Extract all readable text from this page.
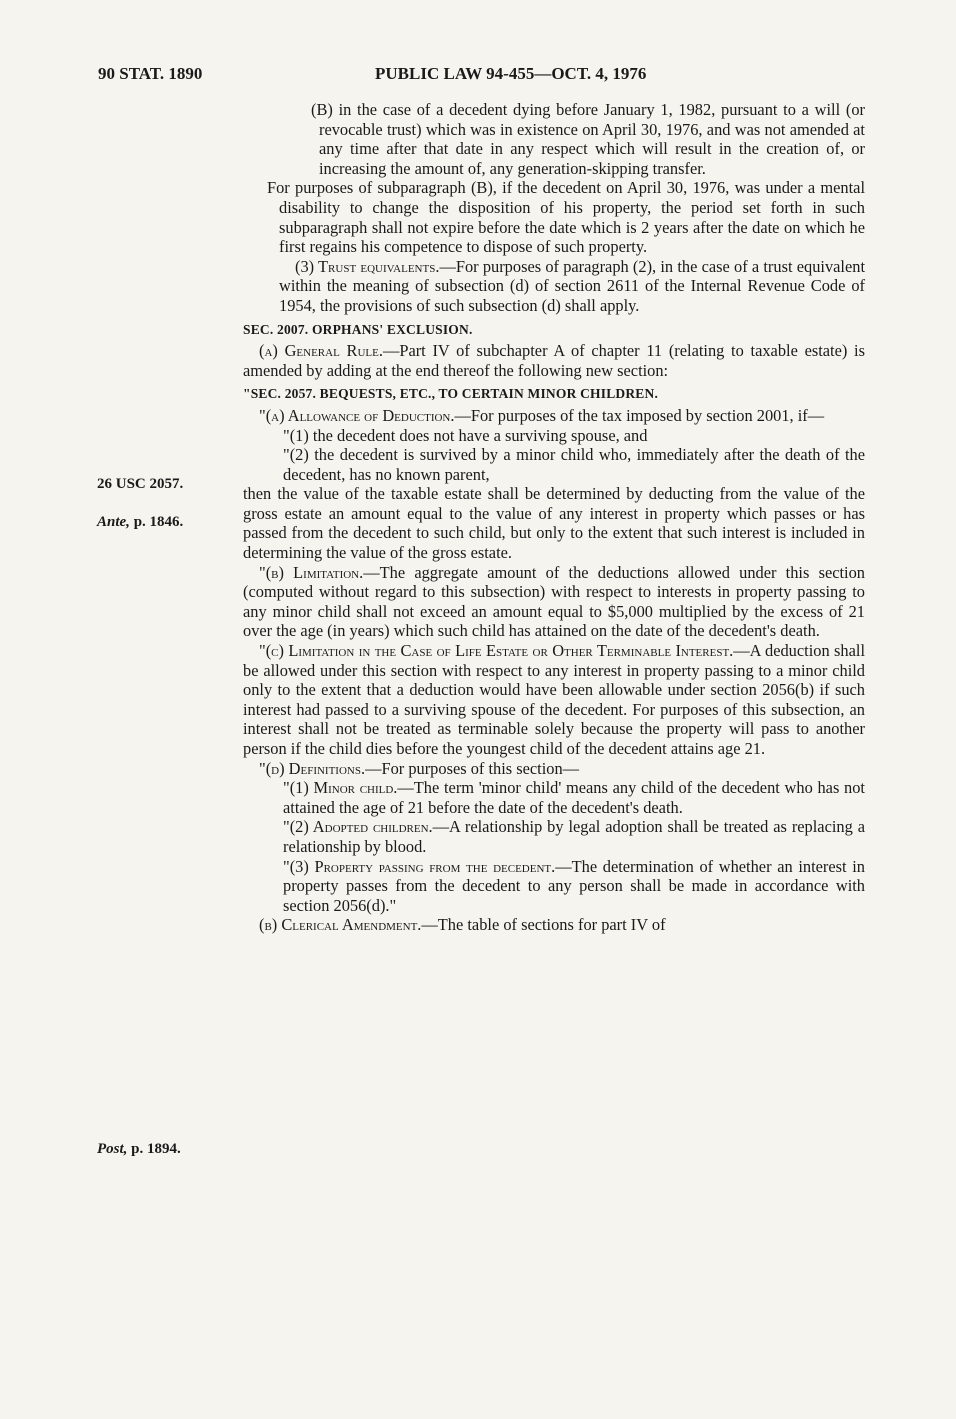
90 STAT. 1890	PUBLIC LAW 94-455—OCT. 4, 1976
26 USC 2057.
Ante, p. 1846.
Post, p. 1894.

(B) in the case of a decedent dying before January 1, 1982, pursuant to a will (or revocable trust) which was in existence on April 30, 1976, and was not amended at any time after that date in any respect which will result in the creation of, or increasing the amount of, any generation-skipping transfer.

For purposes of subparagraph (B), if the decedent on April 30, 1976, was under a mental disability to change the disposition of his property, the period set forth in such subparagraph shall not expire before the date which is 2 years after the date on which he first regains his competence to dispose of such property.

(3) Trust equivalents.—For purposes of paragraph (2), in the case of a trust equivalent within the meaning of subsection (d) of section 2611 of the Internal Revenue Code of 1954, the provisions of such subsection (d) shall apply.

SEC. 2007. ORPHANS' EXCLUSION.

(a) General Rule.—Part IV of subchapter A of chapter 11 (relating to taxable estate) is amended by adding at the end thereof the following new section:

"SEC. 2057. BEQUESTS, ETC., TO CERTAIN MINOR CHILDREN.

"(a) Allowance of Deduction.—For purposes of the tax imposed by section 2001, if—

"(1) the decedent does not have a surviving spouse, and

"(2) the decedent is survived by a minor child who, immediately after the death of the decedent, has no known parent,

then the value of the taxable estate shall be determined by deducting from the value of the gross estate an amount equal to the value of any interest in property which passes or has passed from the decedent to such child, but only to the extent that such interest is included in determining the value of the gross estate.

"(b) Limitation.—The aggregate amount of the deductions allowed under this section (computed without regard to this subsection) with respect to interests in property passing to any minor child shall not exceed an amount equal to $5,000 multiplied by the excess of 21 over the age (in years) which such child has attained on the date of the decedent's death.

"(c) Limitation in the Case of Life Estate or Other Terminable Interest.—A deduction shall be allowed under this section with respect to any interest in property passing to a minor child only to the extent that a deduction would have been allowable under section 2056(b) if such interest had passed to a surviving spouse of the decedent. For purposes of this subsection, an interest shall not be treated as terminable solely because the property will pass to another person if the child dies before the youngest child of the decedent attains age 21.

"(d) Definitions.—For purposes of this section—

"(1) Minor child.—The term 'minor child' means any child of the decedent who has not attained the age of 21 before the date of the decedent's death.

"(2) Adopted children.—A relationship by legal adoption shall be treated as replacing a relationship by blood.

"(3) Property passing from the decedent.—The determination of whether an interest in property passes from the decedent to any person shall be made in accordance with section 2056(d)."

(b) Clerical Amendment.—The table of sections for part IV of
